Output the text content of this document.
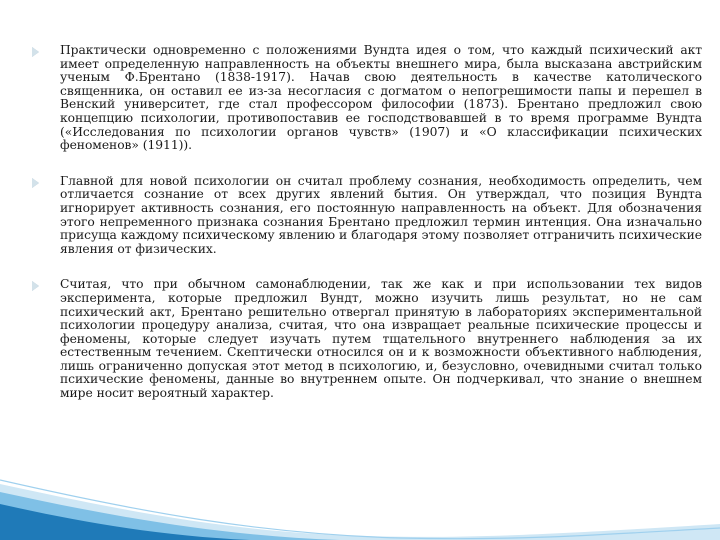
Практически одновременно с положениями Вундта идея о том, что каждый психический акт имеет определенную направленность на объекты внешнего мира, была высказана австрийским ученым Ф.Брентано (1838-1917). Начав свою деятельность в качестве католического священника, он оставил ее из-за несогласия с догматом о непогрешимости папы и перешел в Венский университет, где стал профессором философии (1873). Брентано предложил свою концепцию психологии, противопоставив ее господствовавшей в то время программе Вундта («Исследования по психологии органов чувств» (1907) и «О классификации психических феноменов» (1911)).
Главной для новой психологии он считал проблему сознания, необходимость определить, чем отличается сознание от всех других явлений бытия. Он утверждал, что позиция Вундта игнорирует активность сознания, его постоянную направленность на объект. Для обозначения этого непременного признака сознания Брентано предложил термин интенция. Она изначально присуща каждому психическому явлению и благодаря этому позволяет отграничить психические явления от физических.
Считая, что при обычном самонаблюдении, так же как и при использовании тех видов эксперимента, которые предложил Вундт, можно изучить лишь результат, но не сам психический акт, Брентано решительно отвергал принятую в лабораториях экспериментальной психологии процедуру анализа, считая, что она извращает реальные психические процессы и феномены, которые следует изучать путем тщательного внутреннего наблюдения за их естественным течением. Скептически относился он и к возможности объективного наблюдения, лишь ограниченно допуская этот метод в психологию, и, безусловно, очевидными считал только психические феномены, данные во внутреннем опыте. Он подчеркивал, что знание о внешнем мире носит вероятный характер.
